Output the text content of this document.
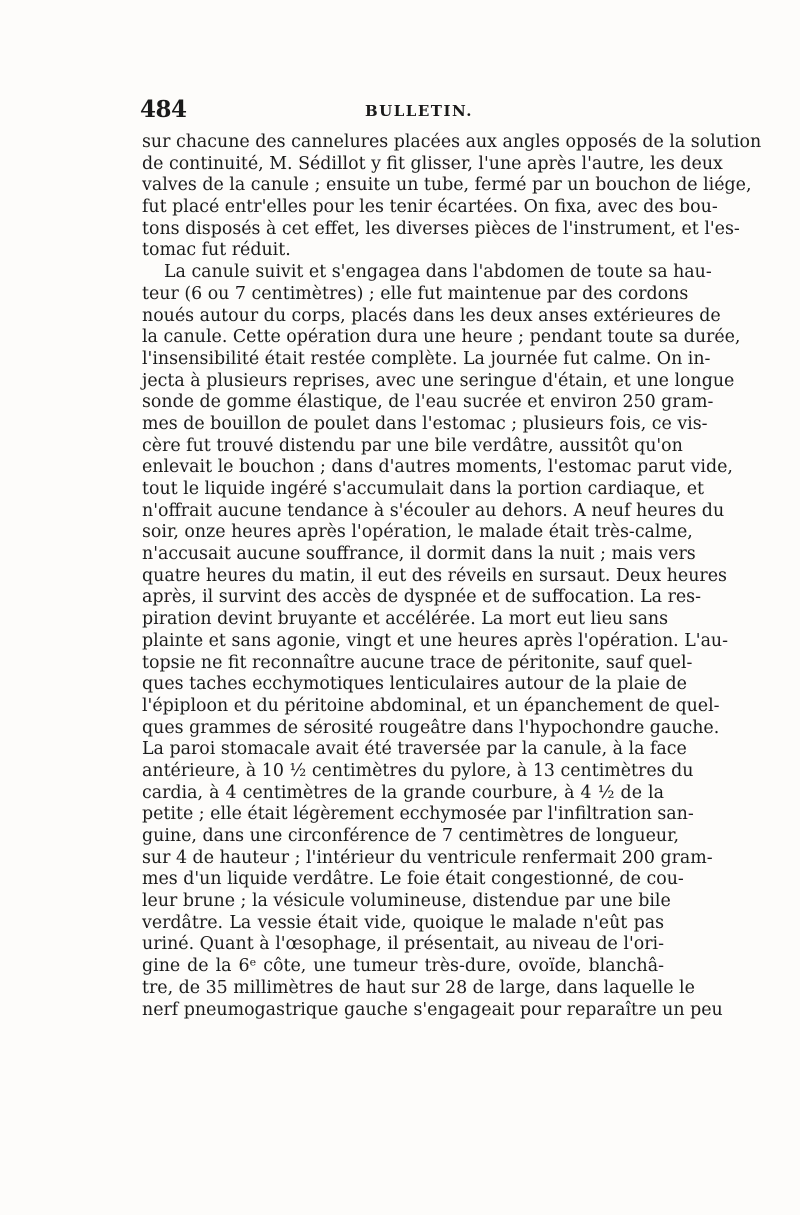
484	BULLETIN.
sur chacune des cannelures placées aux angles opposés de la solution
de continuité, M. Sédillot y fit glisser, l'une après l'autre, les deux
valves de la canule ; ensuite un tube, fermé par un bouchon de liége,
fut placé entr'elles pour les tenir écartées. On fixa, avec des bou-
tons disposés à cet effet, les diverses pièces de l'instrument, et l'es-
tomac fut réduit.
La canule suivit et s'engagea dans l'abdomen de toute sa hau-
teur (6 ou 7 centimètres) ; elle fut maintenue par des cordons
noués autour du corps, placés dans les deux anses extérieures de
la canule. Cette opération dura une heure ; pendant toute sa durée,
l'insensibilité était restée complète. La journée fut calme. On in-
jecta à plusieurs reprises, avec une seringue d'étain, et une longue
sonde de gomme élastique, de l'eau sucrée et environ 250 gram-
mes de bouillon de poulet dans l'estomac ; plusieurs fois, ce vis-
cère fut trouvé distendu par une bile verdâtre, aussitôt qu'on
enlevait le bouchon ; dans d'autres moments, l'estomac parut vide,
tout le liquide ingéré s'accumulait dans la portion cardiaque, et
n'offrait aucune tendance à s'écouler au dehors. A neuf heures du
soir, onze heures après l'opération, le malade était très-calme,
n'accusait aucune souffrance, il dormit dans la nuit ; mais vers
quatre heures du matin, il eut des réveils en sursaut. Deux heures
après, il survint des accès de dyspnée et de suffocation. La res-
piration devint bruyante et accélérée. La mort eut lieu sans
plainte et sans agonie, vingt et une heures après l'opération. L'au-
topsie ne fit reconnaître aucune trace de péritonite, sauf quel-
ques taches ecchymotiques lenticulaires autour de la plaie de
l'épiploon et du péritoine abdominal, et un épanchement de quel-
ques grammes de sérosité rougeâtre dans l'hypochondre gauche.
La paroi stomacale avait été traversée par la canule, à la face
antérieure, à 10 ½ centimètres du pylore, à 13 centimètres du
cardia, à 4 centimètres de la grande courbure, à 4 ½ de la
petite ; elle était légèrement ecchymosée par l'infiltration san-
guine, dans une circonférence de 7 centimètres de longueur,
sur 4 de hauteur ; l'intérieur du ventricule renfermait 200 gram-
mes d'un liquide verdâtre. Le foie était congestionné, de cou-
leur brune ; la vésicule volumineuse, distendue par une bile
verdâtre. La vessie était vide, quoique le malade n'eût pas
uriné. Quant à l'œsophage, il présentait, au niveau de l'ori-
gine de la 6ᵉ côte, une tumeur très-dure, ovoïde, blanchâ-
tre, de 35 millimètres de haut sur 28 de large, dans laquelle le
nerf pneumogastrique gauche s'engageait pour reparaître un peu
